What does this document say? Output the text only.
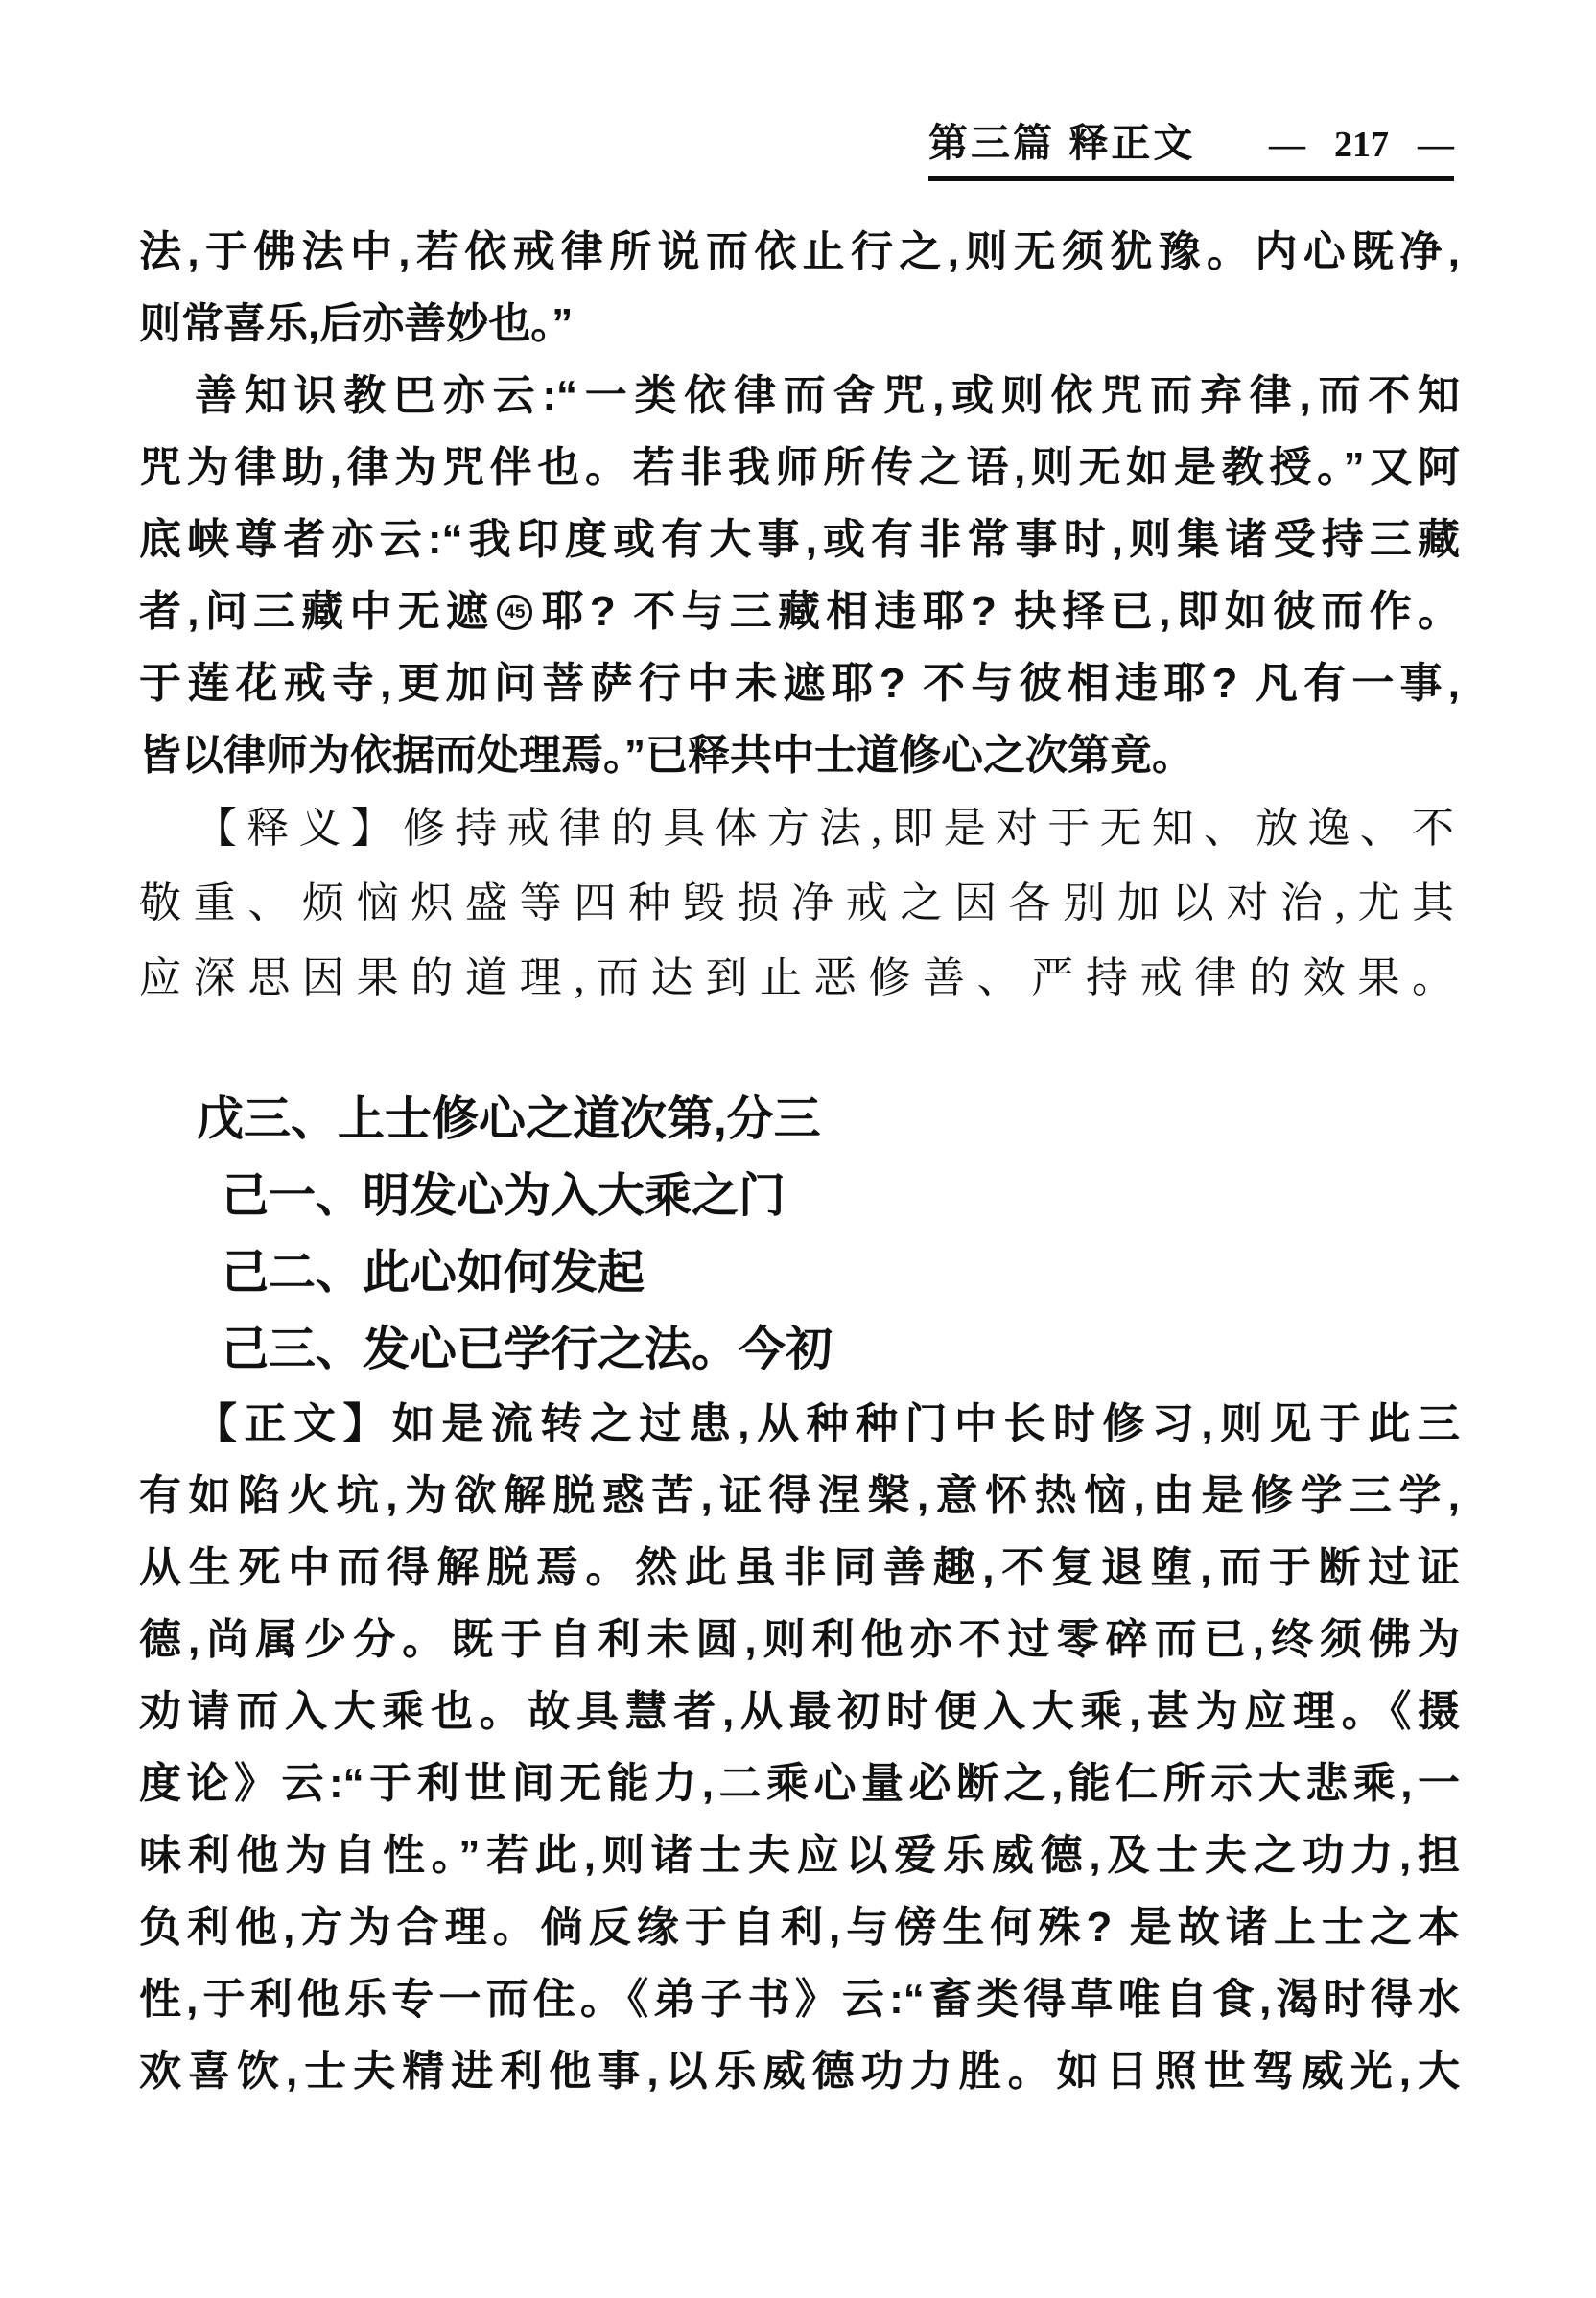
第三篇 释正文 — 217 —
法,于佛法中,若依戒律所说而依止行之,则无须犹豫。内心既净,
则常喜乐,后亦善妙也。”
善知识教巴亦云:“一类依律而舍咒,或则依咒而弃律,而不知
咒为律助,律为咒伴也。若非我师所传之语,则无如是教授。”又阿
底峡尊者亦云:“我印度或有大事,或有非常事时,则集诸受持三藏
者,问三藏中无遮 45 耶? 不与三藏相违耶? 抉择已,即如彼而作。
于莲花戒寺,更加问菩萨行中未遮耶? 不与彼相违耶? 凡有一事,
皆以律师为依据而处理焉。”已释共中士道修心之次第竟。
【释义】修持戒律的具体方法,即是对于无知、放逸、不
敬重、烦恼炽盛等四种毁损净戒之因各别加以对治,尤其
应深思因果的道理,而达到止恶修善、严持戒律的效果。
戊三、上士修心之道次第,分三
己一、明发心为入大乘之门
己二、此心如何发起
己三、发心已学行之法。今初
【正文】如是流转之过患,从种种门中长时修习,则见于此三
有如陷火坑,为欲解脱惑苦,证得涅槃,意怀热恼,由是修学三学,
从生死中而得解脱焉。然此虽非同善趣,不复退堕,而于断过证
德,尚属少分。既于自利未圆,则利他亦不过零碎而已,终须佛为
劝请而入大乘也。故具慧者,从最初时便入大乘,甚为应理。《摄
度论》云:“于利世间无能力,二乘心量必断之,能仁所示大悲乘,一
味利他为自性。”若此,则诸士夫应以爱乐威德,及士夫之功力,担
负利他,方为合理。倘反缘于自利,与傍生何殊? 是故诸上士之本
性,于利他乐专一而住。《弟子书》云:“畜类得草唯自食,渴时得水
欢喜饮,士夫精进利他事,以乐威德功力胜。如日照世驾威光,大
